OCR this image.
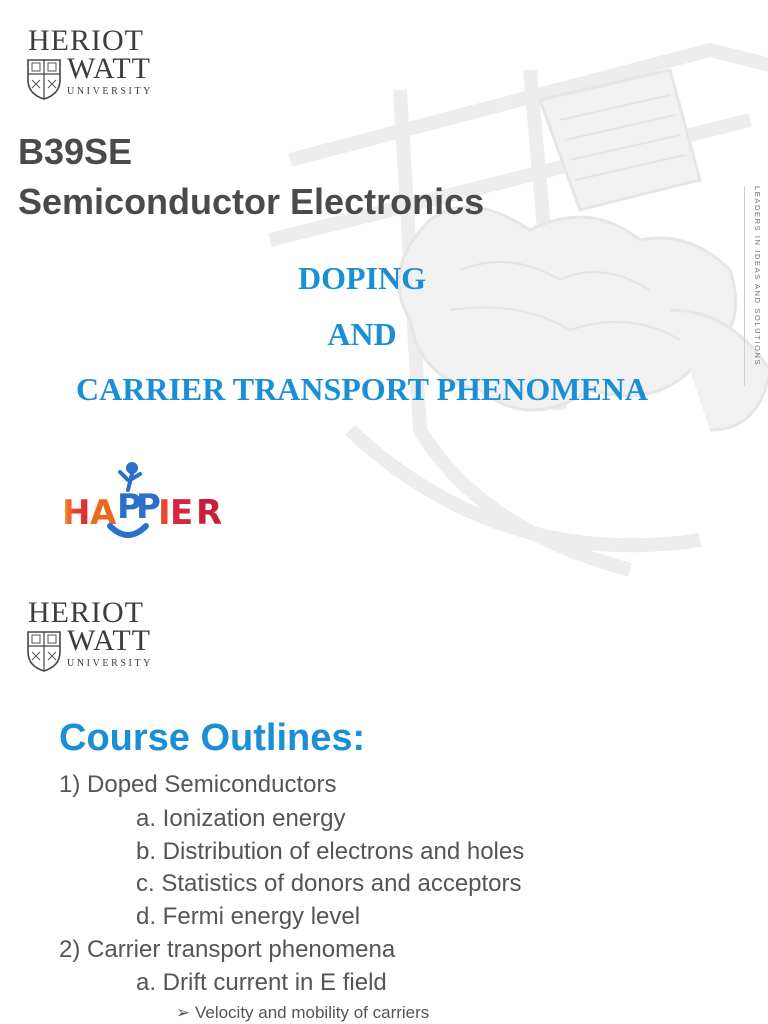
HERIOT
WATT
UNIVERSITY
LEADERS IN IDEAS AND SOLUTIONS
B39SE
Semiconductor Electronics
DOPING
AND
CARRIER TRANSPORT PHENOMENA
H A P
P
I E R
HERIOT
WATT
UNIVERSITY
Course Outlines:
1) Doped Semiconductors
a. Ionization energy
b. Distribution of electrons and holes
c. Statistics of donors and acceptors
d. Fermi energy level
2) Carrier transport phenomena
a. Drift current in E field
➢ Velocity and mobility of carriers
